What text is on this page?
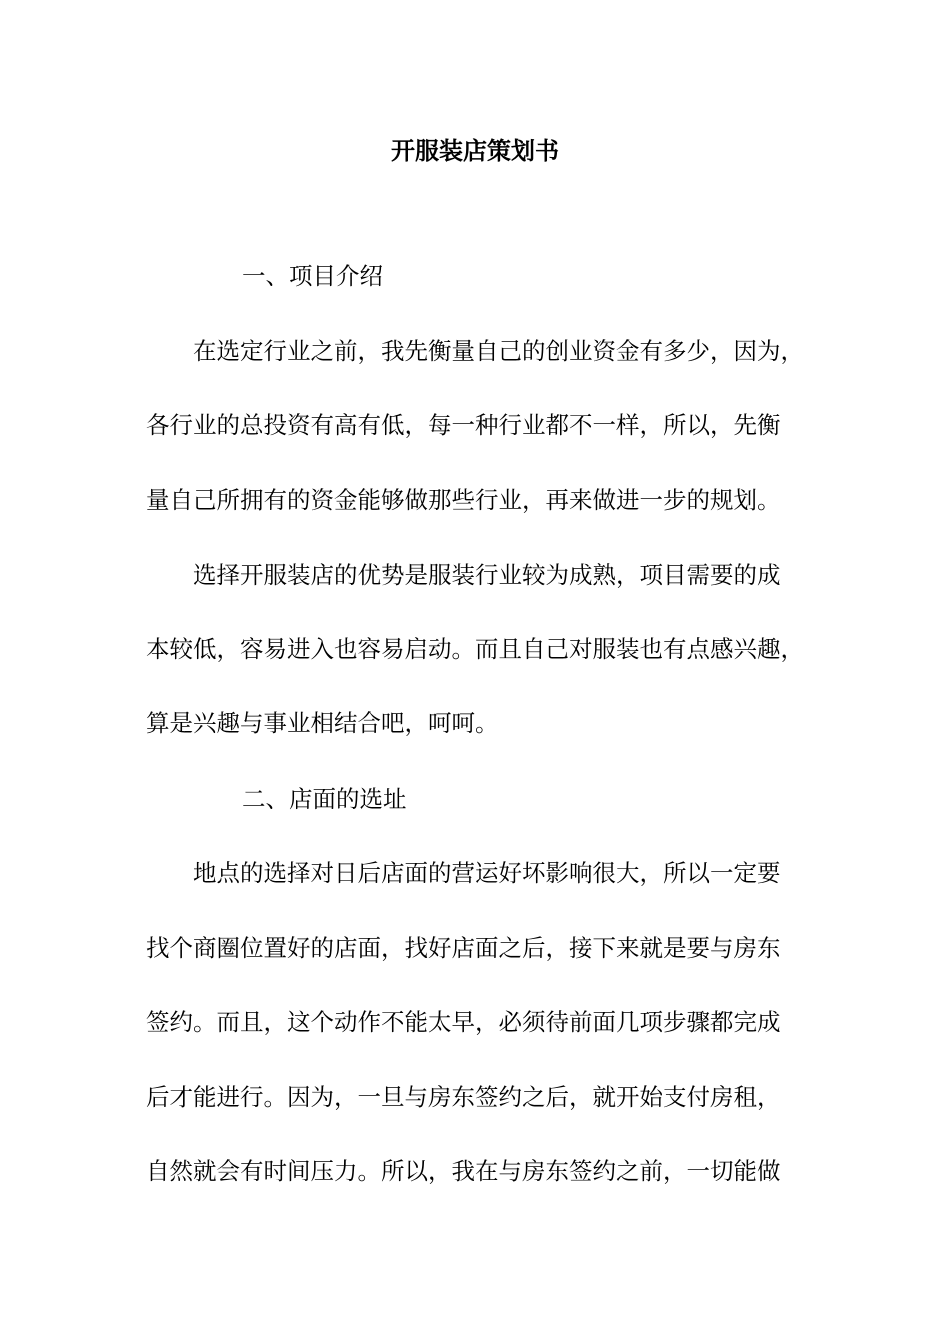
开服装店策划书

一、项目介绍

在选定行业之前，我先衡量自己的创业资金有多少，因为，

各行业的总投资有高有低，每一种行业都不一样，所以，先衡

量自己所拥有的资金能够做那些行业，再来做进一步的规划。

选择开服装店的优势是服装行业较为成熟，项目需要的成

本较低，容易进入也容易启动。而且自己对服装也有点感兴趣，

算是兴趣与事业相结合吧，呵呵。

二、店面的选址

地点的选择对日后店面的营运好坏影响很大，所以一定要

找个商圈位置好的店面，找好店面之后，接下来就是要与房东

签约。而且，这个动作不能太早，必须待前面几项步骤都完成

后才能进行。因为，一旦与房东签约之后，就开始支付房租，

自然就会有时间压力。所以，我在与房东签约之前，一切能做
